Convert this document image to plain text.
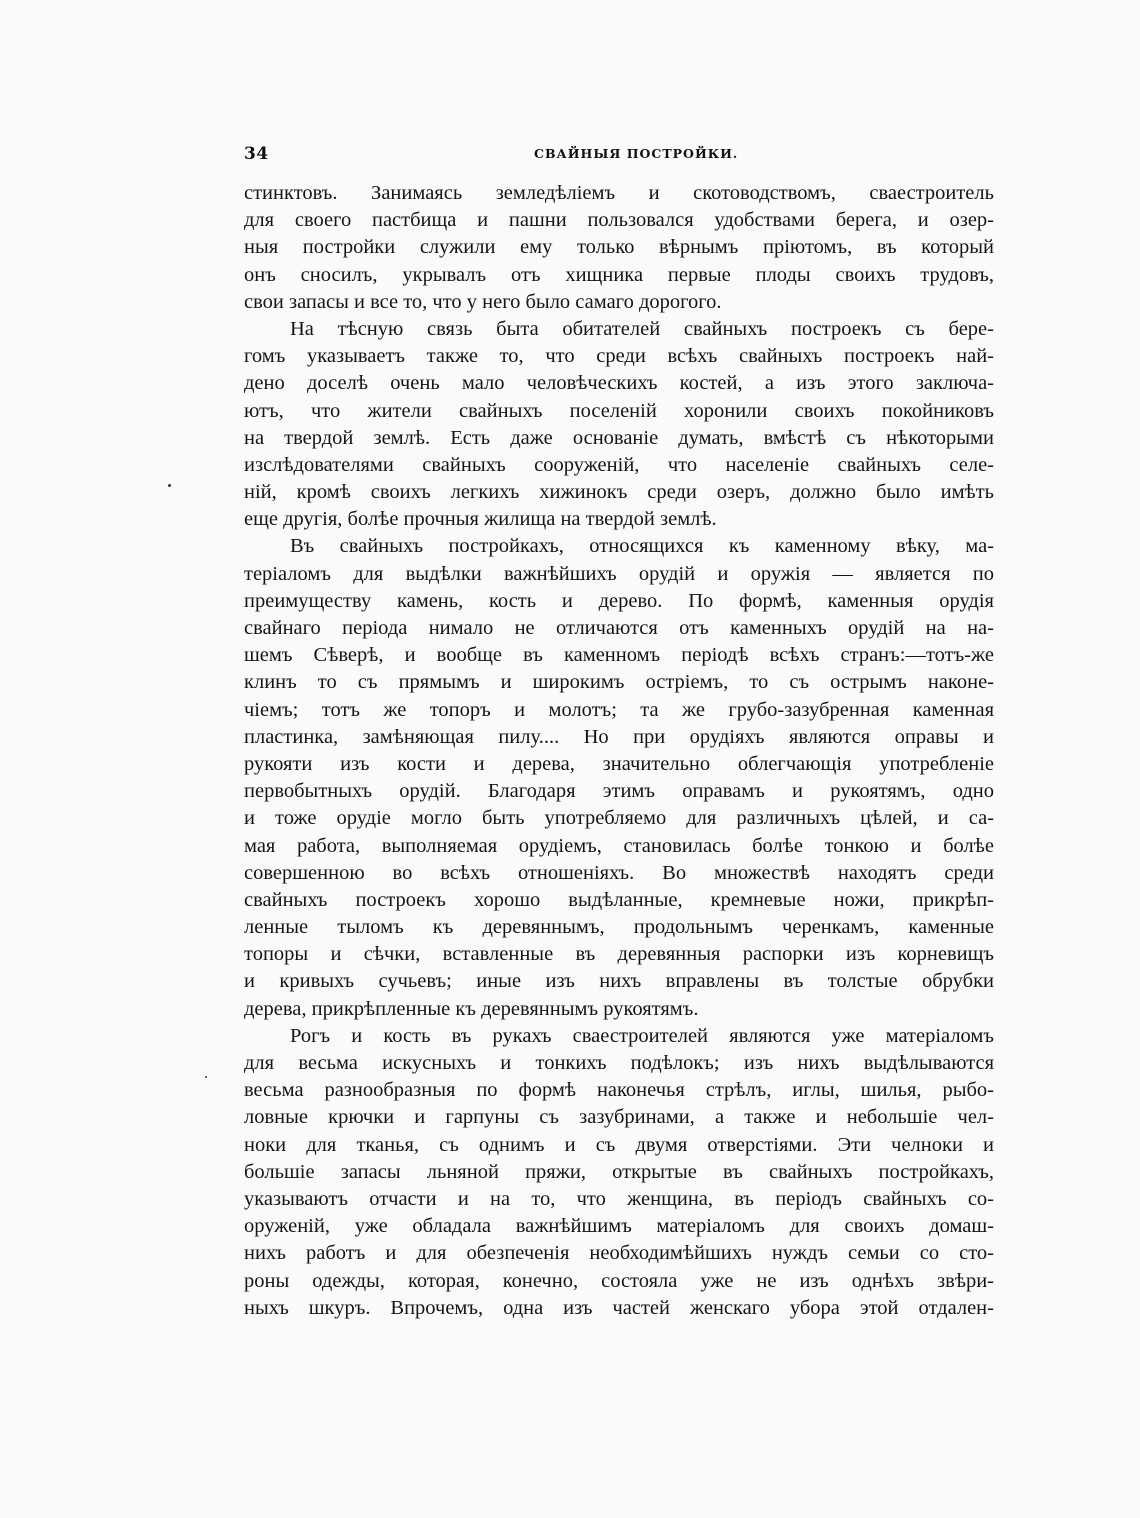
34	СВАЙНЫЯ ПОСТРОЙКИ.
стинктовъ. Занимаясь земледѣліемъ и скотоводствомъ, сваестроитель
для своего пастбища и пашни пользовался удобствами берега, и озер-
ныя постройки служили ему только вѣрнымъ пріютомъ, въ который
онъ сносилъ, укрывалъ отъ хищника первые плоды своихъ трудовъ,
свои запасы и все то, что у него было самаго дорогого.
На тѣсную связь быта обитателей свайныхъ построекъ съ бере-
гомъ указываетъ также то, что среди всѣхъ свайныхъ построекъ най-
дено доселѣ очень мало человѣческихъ костей, а изъ этого заключа-
ютъ, что жители свайныхъ поселеній хоронили своихъ покойниковъ
на твердой землѣ. Есть даже основаніе думать, вмѣстѣ съ нѣкоторыми
изслѣдователями свайныхъ сооруженій, что населеніе свайныхъ селе-
ній, кромѣ своихъ легкихъ хижинокъ среди озеръ, должно было имѣть
еще другія, болѣе прочныя жилища на твердой землѣ.
Въ свайныхъ постройкахъ, относящихся къ каменному вѣку, ма-
теріаломъ для выдѣлки важнѣйшихъ орудій и оружія — является по
преимуществу камень, кость и дерево. По формѣ, каменныя орудія
свайнаго періода нимало не отличаются отъ каменныхъ орудій на на-
шемъ Сѣверѣ, и вообще въ каменномъ періодѣ всѣхъ странъ:—тотъ-же
клинъ то съ прямымъ и широкимъ остріемъ, то съ острымъ наконе-
чіемъ; тотъ же топоръ и молотъ; та же грубо-зазубренная каменная
пластинка, замѣняющая пилу.... Но при орудіяхъ являются оправы и
рукояти изъ кости и дерева, значительно облегчающія употребленіе
первобытныхъ орудій. Благодаря этимъ оправамъ и рукоятямъ, одно
и тоже орудіе могло быть употребляемо для различныхъ цѣлей, и са-
мая работа, выполняемая орудіемъ, становилась болѣе тонкою и болѣе
совершенною во всѣхъ отношеніяхъ. Во множествѣ находятъ среди
свайныхъ построекъ хорошо выдѣланные, кремневые ножи, прикрѣп-
ленные тыломъ къ деревяннымъ, продольнымъ черенкамъ, каменные
топоры и сѣчки, вставленные въ деревянныя распорки изъ корневищъ
и кривыхъ сучьевъ; иные изъ нихъ вправлены въ толстые обрубки
дерева, прикрѣпленные къ деревяннымъ рукоятямъ.
Рогъ и кость въ рукахъ сваестроителей являются уже матеріаломъ
для весьма искусныхъ и тонкихъ подѣлокъ; изъ нихъ выдѣлываются
весьма разнообразныя по формѣ наконечья стрѣлъ, иглы, шилья, рыбо-
ловные крючки и гарпуны съ зазубринами, а также и небольшіе чел-
ноки для тканья, съ однимъ и съ двумя отверстіями. Эти челноки и
большіе запасы льняной пряжи, открытые въ свайныхъ постройкахъ,
указываютъ отчасти и на то, что женщина, въ періодъ свайныхъ со-
оруженій, уже обладала важнѣйшимъ матеріаломъ для своихъ домаш-
нихъ работъ и для обезпеченія необходимѣйшихъ нуждъ семьи со сто-
роны одежды, которая, конечно, состояла уже не изъ однѣхъ звѣри-
ныхъ шкуръ. Впрочемъ, одна изъ частей женскаго убора этой отдален-
